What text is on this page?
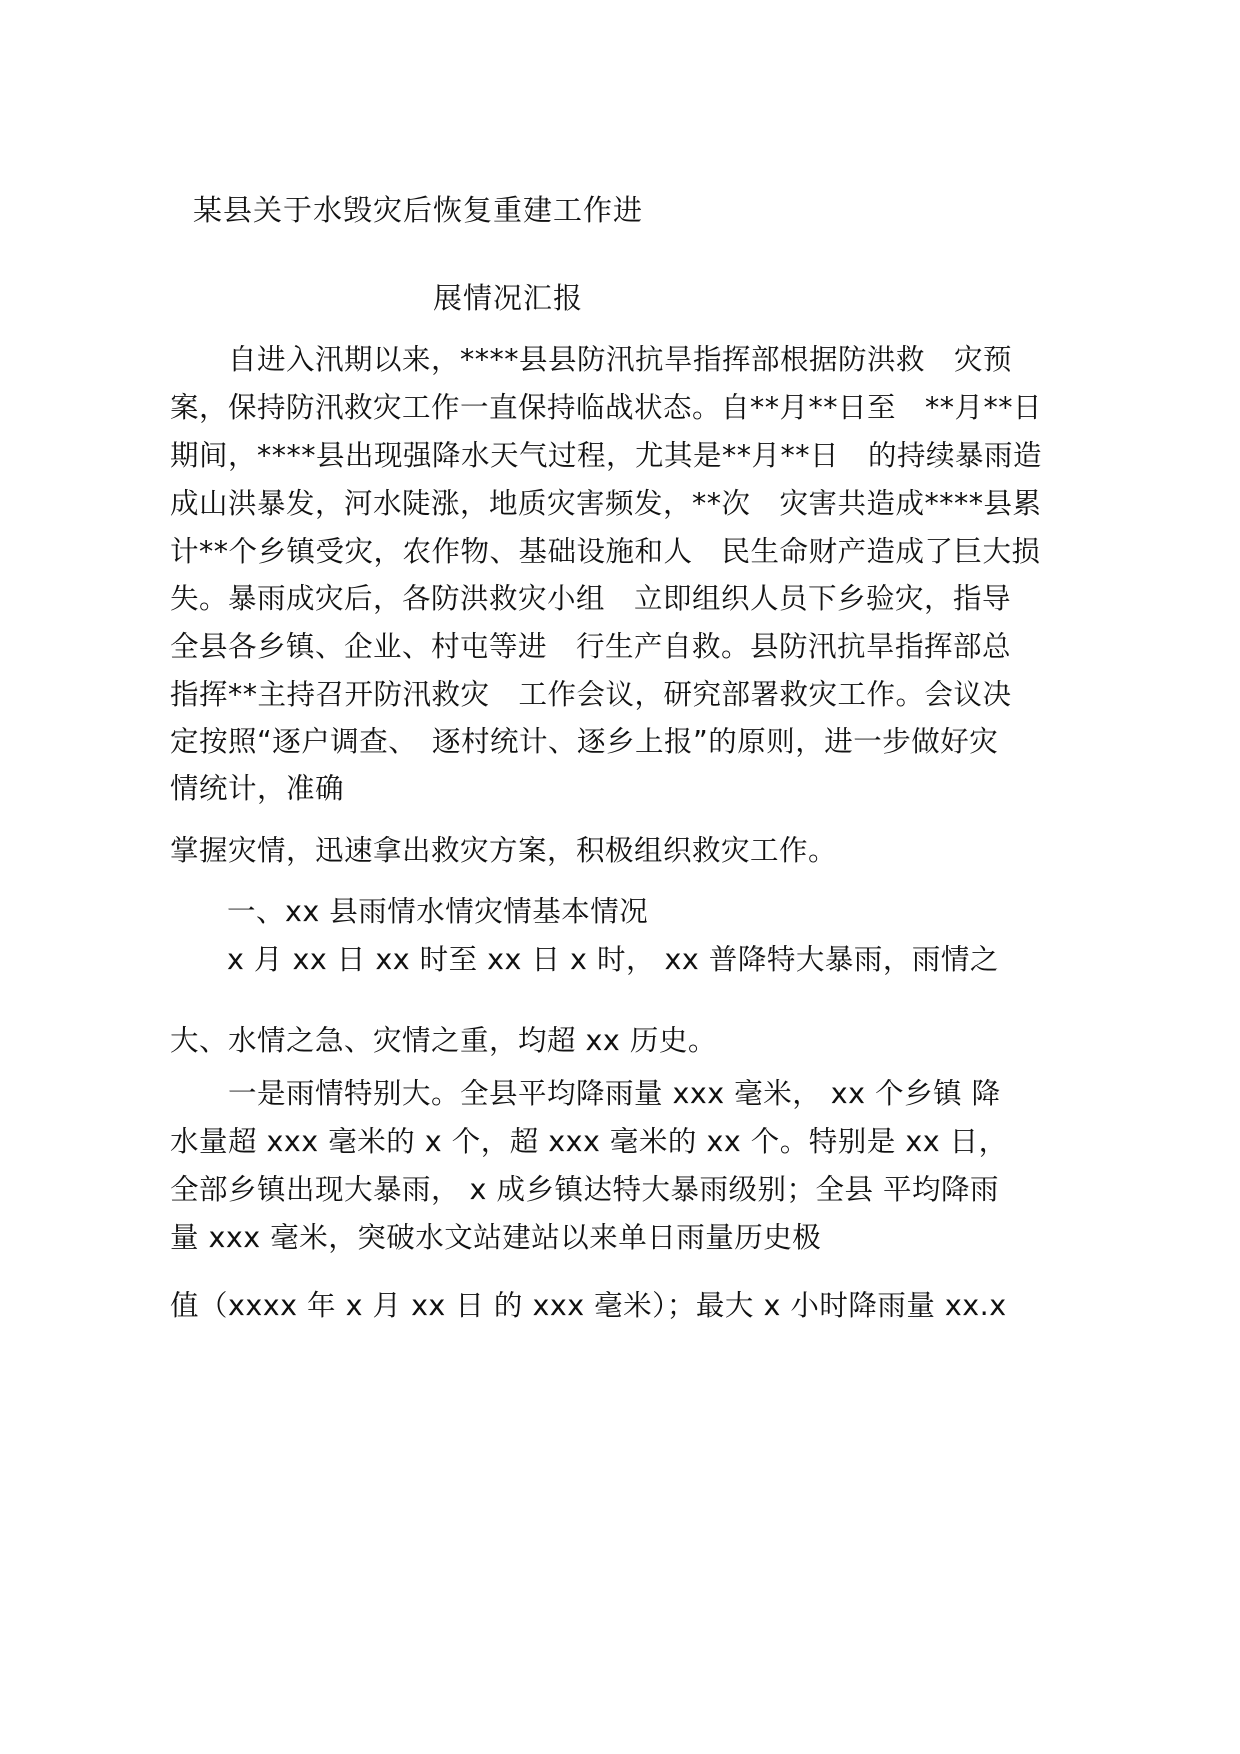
某县关于水毁灾后恢复重建工作进
展情况汇报
　　自进入汛期以来，****县县防汛抗旱指挥部根据防洪救　灾预
案，保持防汛救灾工作一直保持临战状态。自**月**日至　**月**日
期间，****县出现强降水天气过程，尤其是**月**日　的持续暴雨造
成山洪暴发，河水陡涨，地质灾害频发，**次　灾害共造成****县累
计**个乡镇受灾，农作物、基础设施和人　民生命财产造成了巨大损
失。暴雨成灾后，各防洪救灾小组　立即组织人员下乡验灾，指导
全县各乡镇、企业、村屯等进　行生产自救。县防汛抗旱指挥部总
指挥**主持召开防汛救灾　工作会议，研究部署救灾工作。会议决
定按照“逐户调查、　逐村统计、逐乡上报”的原则，进一步做好灾
情统计，准确
掌握灾情，迅速拿出救灾方案，积极组织救灾工作。
一、xx 县雨情水情灾情基本情况
x 月 xx 日 xx 时至 xx 日 x 时， xx 普降特大暴雨，雨情之
大、水情之急、灾情之重，均超 xx 历史。
　　一是雨情特别大。全县平均降雨量 xxx 毫米， xx 个乡镇 降
水量超 xxx 毫米的 x 个，超 xxx 毫米的 xx 个。特别是 xx 日，
全部乡镇出现大暴雨， x 成乡镇达特大暴雨级别；全县 平均降雨
量 xxx 毫米，突破水文站建站以来单日雨量历史极
值（xxxx 年 x 月 xx 日 的 xxx 毫米）；最大 x 小时降雨量 xx.x
